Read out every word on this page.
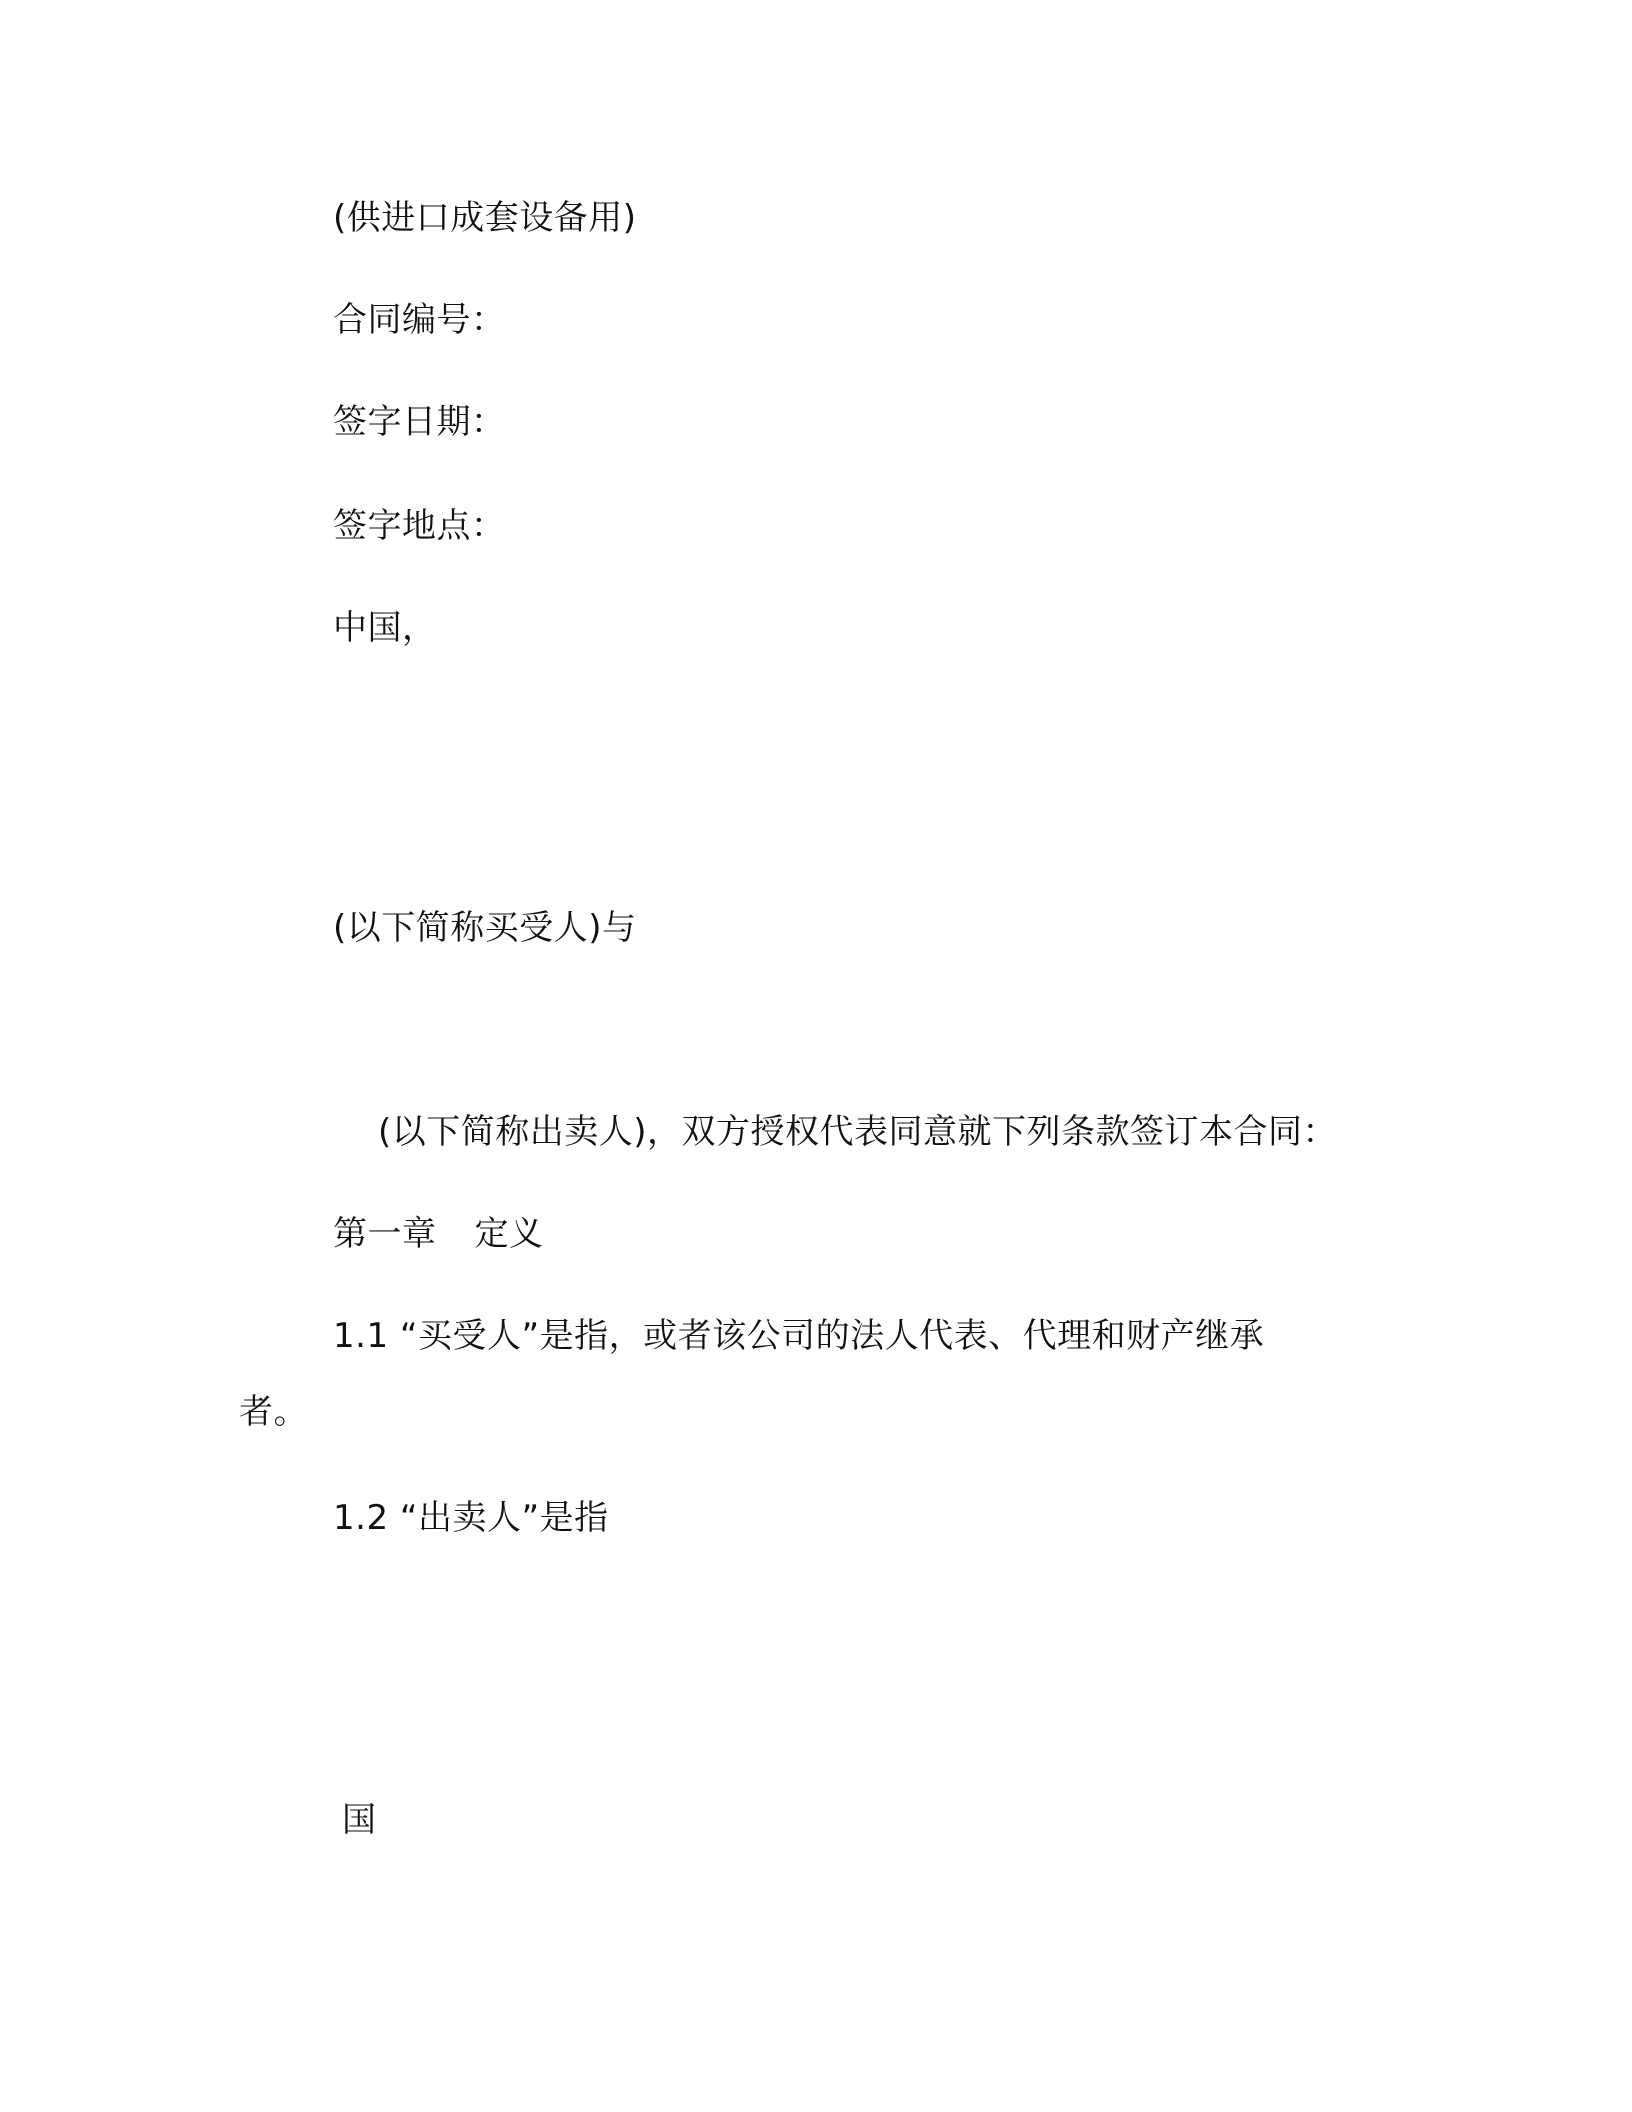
(供进口成套设备用)
合同编号：
签字日期：
签字地点：
中国，
(以下简称买受人)与
(以下简称出卖人)，双方授权代表同意就下列条款签订本合同：
第一章 定义
1.1 “买受人”是指，或者该公司的法人代表、代理和财产继承
者。
1.2 “出卖人”是指
国
